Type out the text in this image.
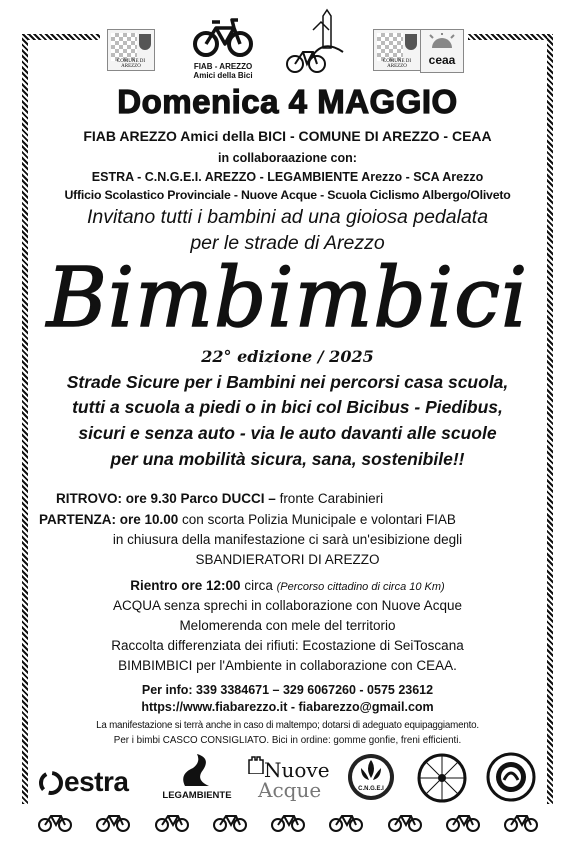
COMUNE DI AREZZO	FIAB - AREZZO
Amici della Bici
COMUNE DI AREZZO	ceaa
Domenica 4 MAGGIO
FIAB AREZZO Amici della BICI - COMUNE DI AREZZO - CEAA
in collaboraazione con:
ESTRA - C.N.G.E.I. AREZZO - LEGAMBIENTE Arezzo - SCA Arezzo
Ufficio Scolastico Provinciale - Nuove Acque - Scuola Ciclismo Albergo/Oliveto
Invitano tutti i bambini ad una gioiosa pedalata
per le strade di Arezzo
Bimbimbici
22° edizione / 2025
Strade Sicure per i Bambini nei percorsi casa scuola,
tutti a scuola a piedi o in bici col Bicibus - Piedibus,
sicuri e senza auto - via le auto davanti alle scuole
per una mobilità sicura, sana, sostenibile!!
RITROVO: ore 9.30 Parco DUCCI – fronte Carabinieri
PARTENZA: ore 10.00 con scorta Polizia Municipale e volontari FIAB
in chiusura della manifestazione ci sarà un'esibizione degli
SBANDIERATORI DI AREZZO
Rientro ore 12:00 circa (Percorso cittadino di circa 10 Km)
ACQUA senza sprechi in collaborazione con Nuove Acque
Melomerenda con mele del territorio
Raccolta differenziata dei rifiuti: Ecostazione di SeiToscana
BIMBIMBICI per l'Ambiente in collaborazione con CEAA.
Per info: 339 3384671 – 329 6067260 - 0575 23612
https://www.fiabarezzo.it - fiabarezzo@gmail.com
La manifestazione si terrà anche in caso di maltempo; dotarsi di adeguato equipaggiamento.
Per i bimbi CASCO CONSIGLIATO. Bici in ordine: gomme gonfie, freni efficienti.
estra	LEGAMBIENTE
Nuove
Acque	C.N.G.E.I
